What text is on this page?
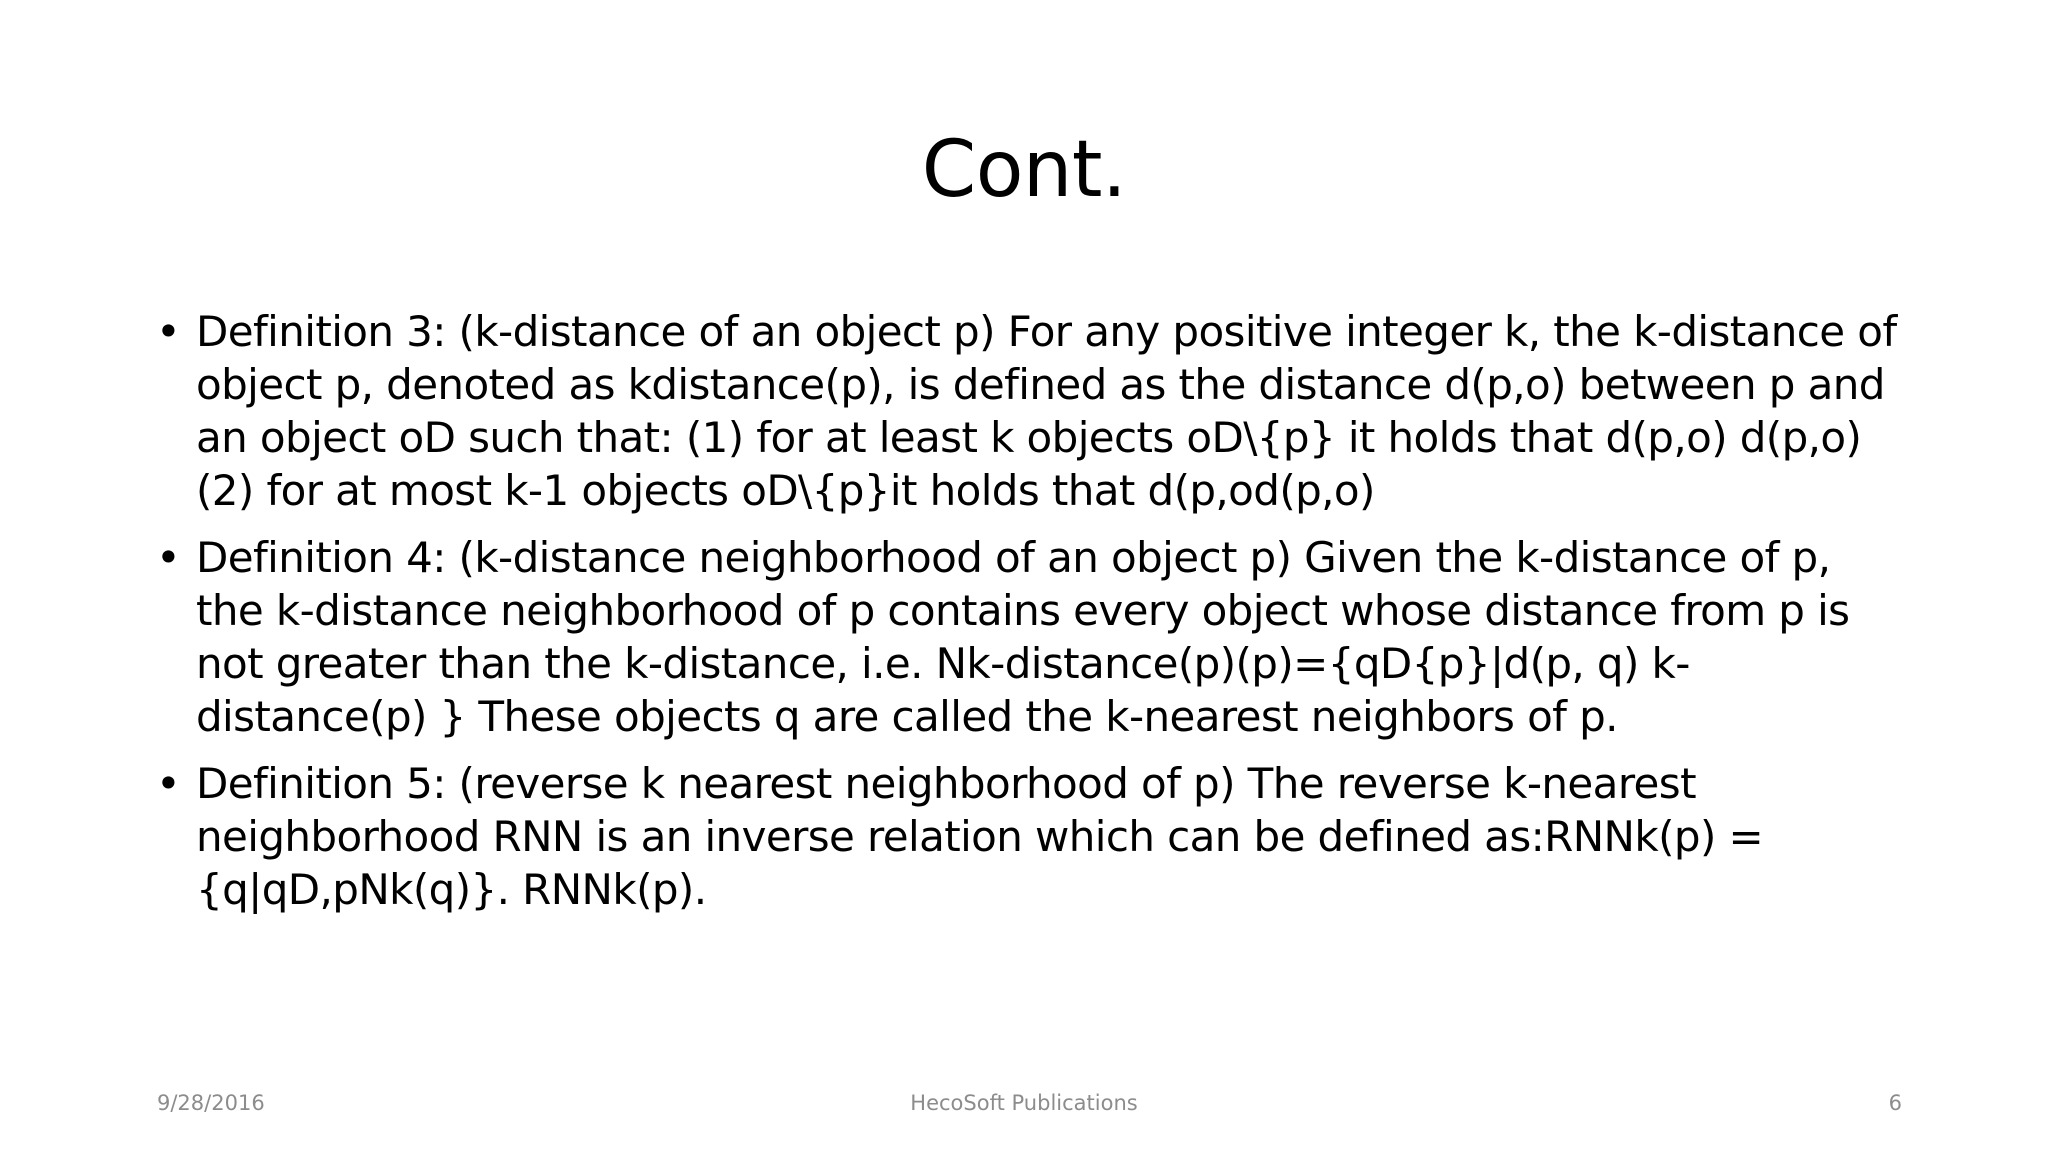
Cont.
• Definition 3: (k-distance of an object p) For any positive integer k, the k-distance of object p, denoted as kdistance(p), is defined as the distance d(p,o) between p and an object oD such that: (1) for at least k objects oD\{p} it holds that d(p,o) d(p,o) (2) for at most k-1 objects oD\{p}it holds that d(p,od(p,o)
• Definition 4: (k-distance neighborhood of an object p) Given the k-distance of p, the k-distance neighborhood of p contains every object whose distance from p is not greater than the k-distance, i.e. Nk-distance(p)(p)={qD{p}|d(p, q) k-distance(p) } These objects q are called the k-nearest neighbors of p.
• Definition 5: (reverse k nearest neighborhood of p) The reverse k-nearest neighborhood RNN is an inverse relation which can be defined as:RNNk(p) ={q|qD,pNk(q)}. RNNk(p).
9/28/2016	HecoSoft Publications	6
